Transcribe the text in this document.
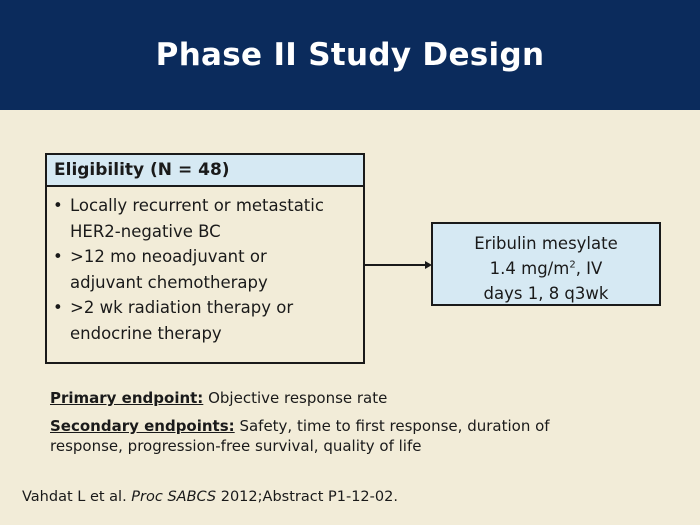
Phase II Study Design
Eligibility (N = 48)
• Locally recurrent or metastatic
HER2-negative BC
• >12 mo neoadjuvant or
adjuvant chemotherapy
• >2 wk radiation therapy or
endocrine therapy
Eribulin mesylate
1.4 $mg/m^2$, IV
days 1, 8 q3wk

Primary endpoint: Objective response rate

Secondary endpoints: Safety, time to first response, duration of
response, progression-free survival, quality of life

Vahdat L et al. Proc SABCS 2012;Abstract P1-12-02.
